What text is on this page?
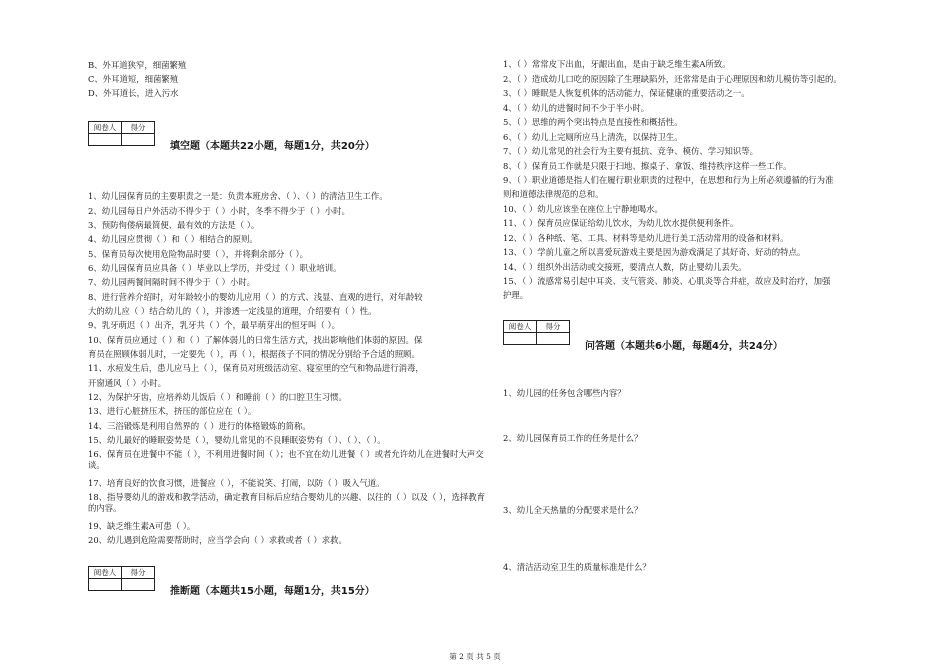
B、外耳道狭窄，细菌繁殖
C、外耳道短，细菌繁殖
D、外耳道长，进入污水
阅卷人	得分

填空题（本题共22小题，每题1分，共20分）
1、幼儿园保育员的主要职责之一是：负责本班房舍、（ ）、（ ）的清洁卫生工作。
2、幼儿园每日户外活动不得少于（ ）小时，冬季不得少于（ ）小时。
3、预防佝偻病最简便、最有效的方法是（ ）。
4、幼儿园应贯彻（ ）和（ ）相结合的原则。
5、保育员每次使用危险物品时要（ ），并将剩余部分（ ）。
6、幼儿园保育员应具备（ ）毕业以上学历，并受过（ ）职业培训。
7、幼儿园两餐间隔时间不得少于（ ）小时。
8、进行营养介绍时，对年龄较小的婴幼儿应用（ ）的方式、浅显、直观的进行，对年龄较
大的幼儿应（ ）结合幼儿的（ ），并渗透一定浅显的道理，介绍要有（ ）性。
9、乳牙萌迟（ ）出齐，乳牙共（ ）个，最早萌芽出的恒牙叫（ ）。
10、保育员应通过（ ）和（ ）了解体弱儿的日常生活方式，找出影响他们体弱的原因。保
育员在照顾体弱儿时，一定要先（ ），再（ ），根据孩子不同的情况分别给予合适的照顾。
11、水痘发生后，患儿应马上（ ），保育员对班级活动室、寝室里的空气和物品进行消毒，
开窗通风（ ）小时。
12、为保护牙齿，应培养幼儿饭后（ ）和睡前（ ）的口腔卫生习惯。
13、进行心脏挤压术，挤压的部位应在（ ）。
14、三浴锻炼是利用自然界的（ ）进行的体格锻炼的简称。
15、幼儿最好的睡眠姿势是（ ），婴幼儿常见的不良睡眠姿势有（ ）、（ ）、（ ）。
16、保育员在进餐中不能（ ），不利用进餐时间（ ）；也不宜在幼儿进餐（ ）或者允许幼儿在进餐时大声交谈。
17、培育良好的饮食习惯，进餐应（ ），不能说笑、打闹，以防（ ）吸入气道。
18、指导婴幼儿的游戏和教学活动，确定教育目标后应结合婴幼儿的兴趣、以往的（ ）以及（ ），选择教育的内容。
19、缺乏维生素A可患（ ）。
20、幼儿遇到危险需要帮助时，应当学会向（ ）求救或者（ ）求救。
阅卷人	得分

推断题（本题共15小题，每题1分，共15分）
1、（ ）常常皮下出血，牙龈出血，是由于缺乏维生素A所致。
2、（ ）造成幼儿口吃的原因除了生理缺陷外，还常常是由于心理原因和幼儿模仿等引起的。
3、（ ）睡眠是人恢复机体的活动能力，保证健康的重要活动之一。
4、（ ）幼儿的进餐时间不少于半小时。
5、（ ）思维的两个突出特点是直接性和概括性。
6、（ ）幼儿上完厕所应马上清洗，以保持卫生。
7、（ ）幼儿常见的社会行为主要有抵抗、竞争、模仿、学习知识等。
8、（ ）保育员工作就是只限于扫地、擦桌子、拿饭、维持秩序这样一些工作。
9、（ ）职业道德是指人们在履行职业职责的过程中，在思想和行为上所必须遵循的行为准
则和道德法律规范的总和。
10、（ ）幼儿应该坐在座位上宁静地喝水。
11、（ ）保育员应保证给幼儿饮水，为幼儿饮水提供便利条件。
12、（ ）各种纸、笔、工具、材料等是幼儿进行美工活动常用的设备和材料。
13、（ ）学前儿童之所以喜爱玩游戏主要是因为游戏满足了其好奇、好动的特点。
14、（ ）组织外出活动或交接班，要清点人数，防止婴幼儿丢失。
15、（ ）流感常易引起中耳炎、支气管炎、肺炎、心肌炎等合并症，故应及时治疗，加强
护理。
阅卷人	得分

问答题（本题共6小题，每题4分，共24分）
1、幼儿园的任务包含哪些内容？
2、幼儿园保育员工作的任务是什么？
3、幼儿全天热量的分配要求是什么？
4、清洁活动室卫生的质量标准是什么？
第 2 页 共 5 页
